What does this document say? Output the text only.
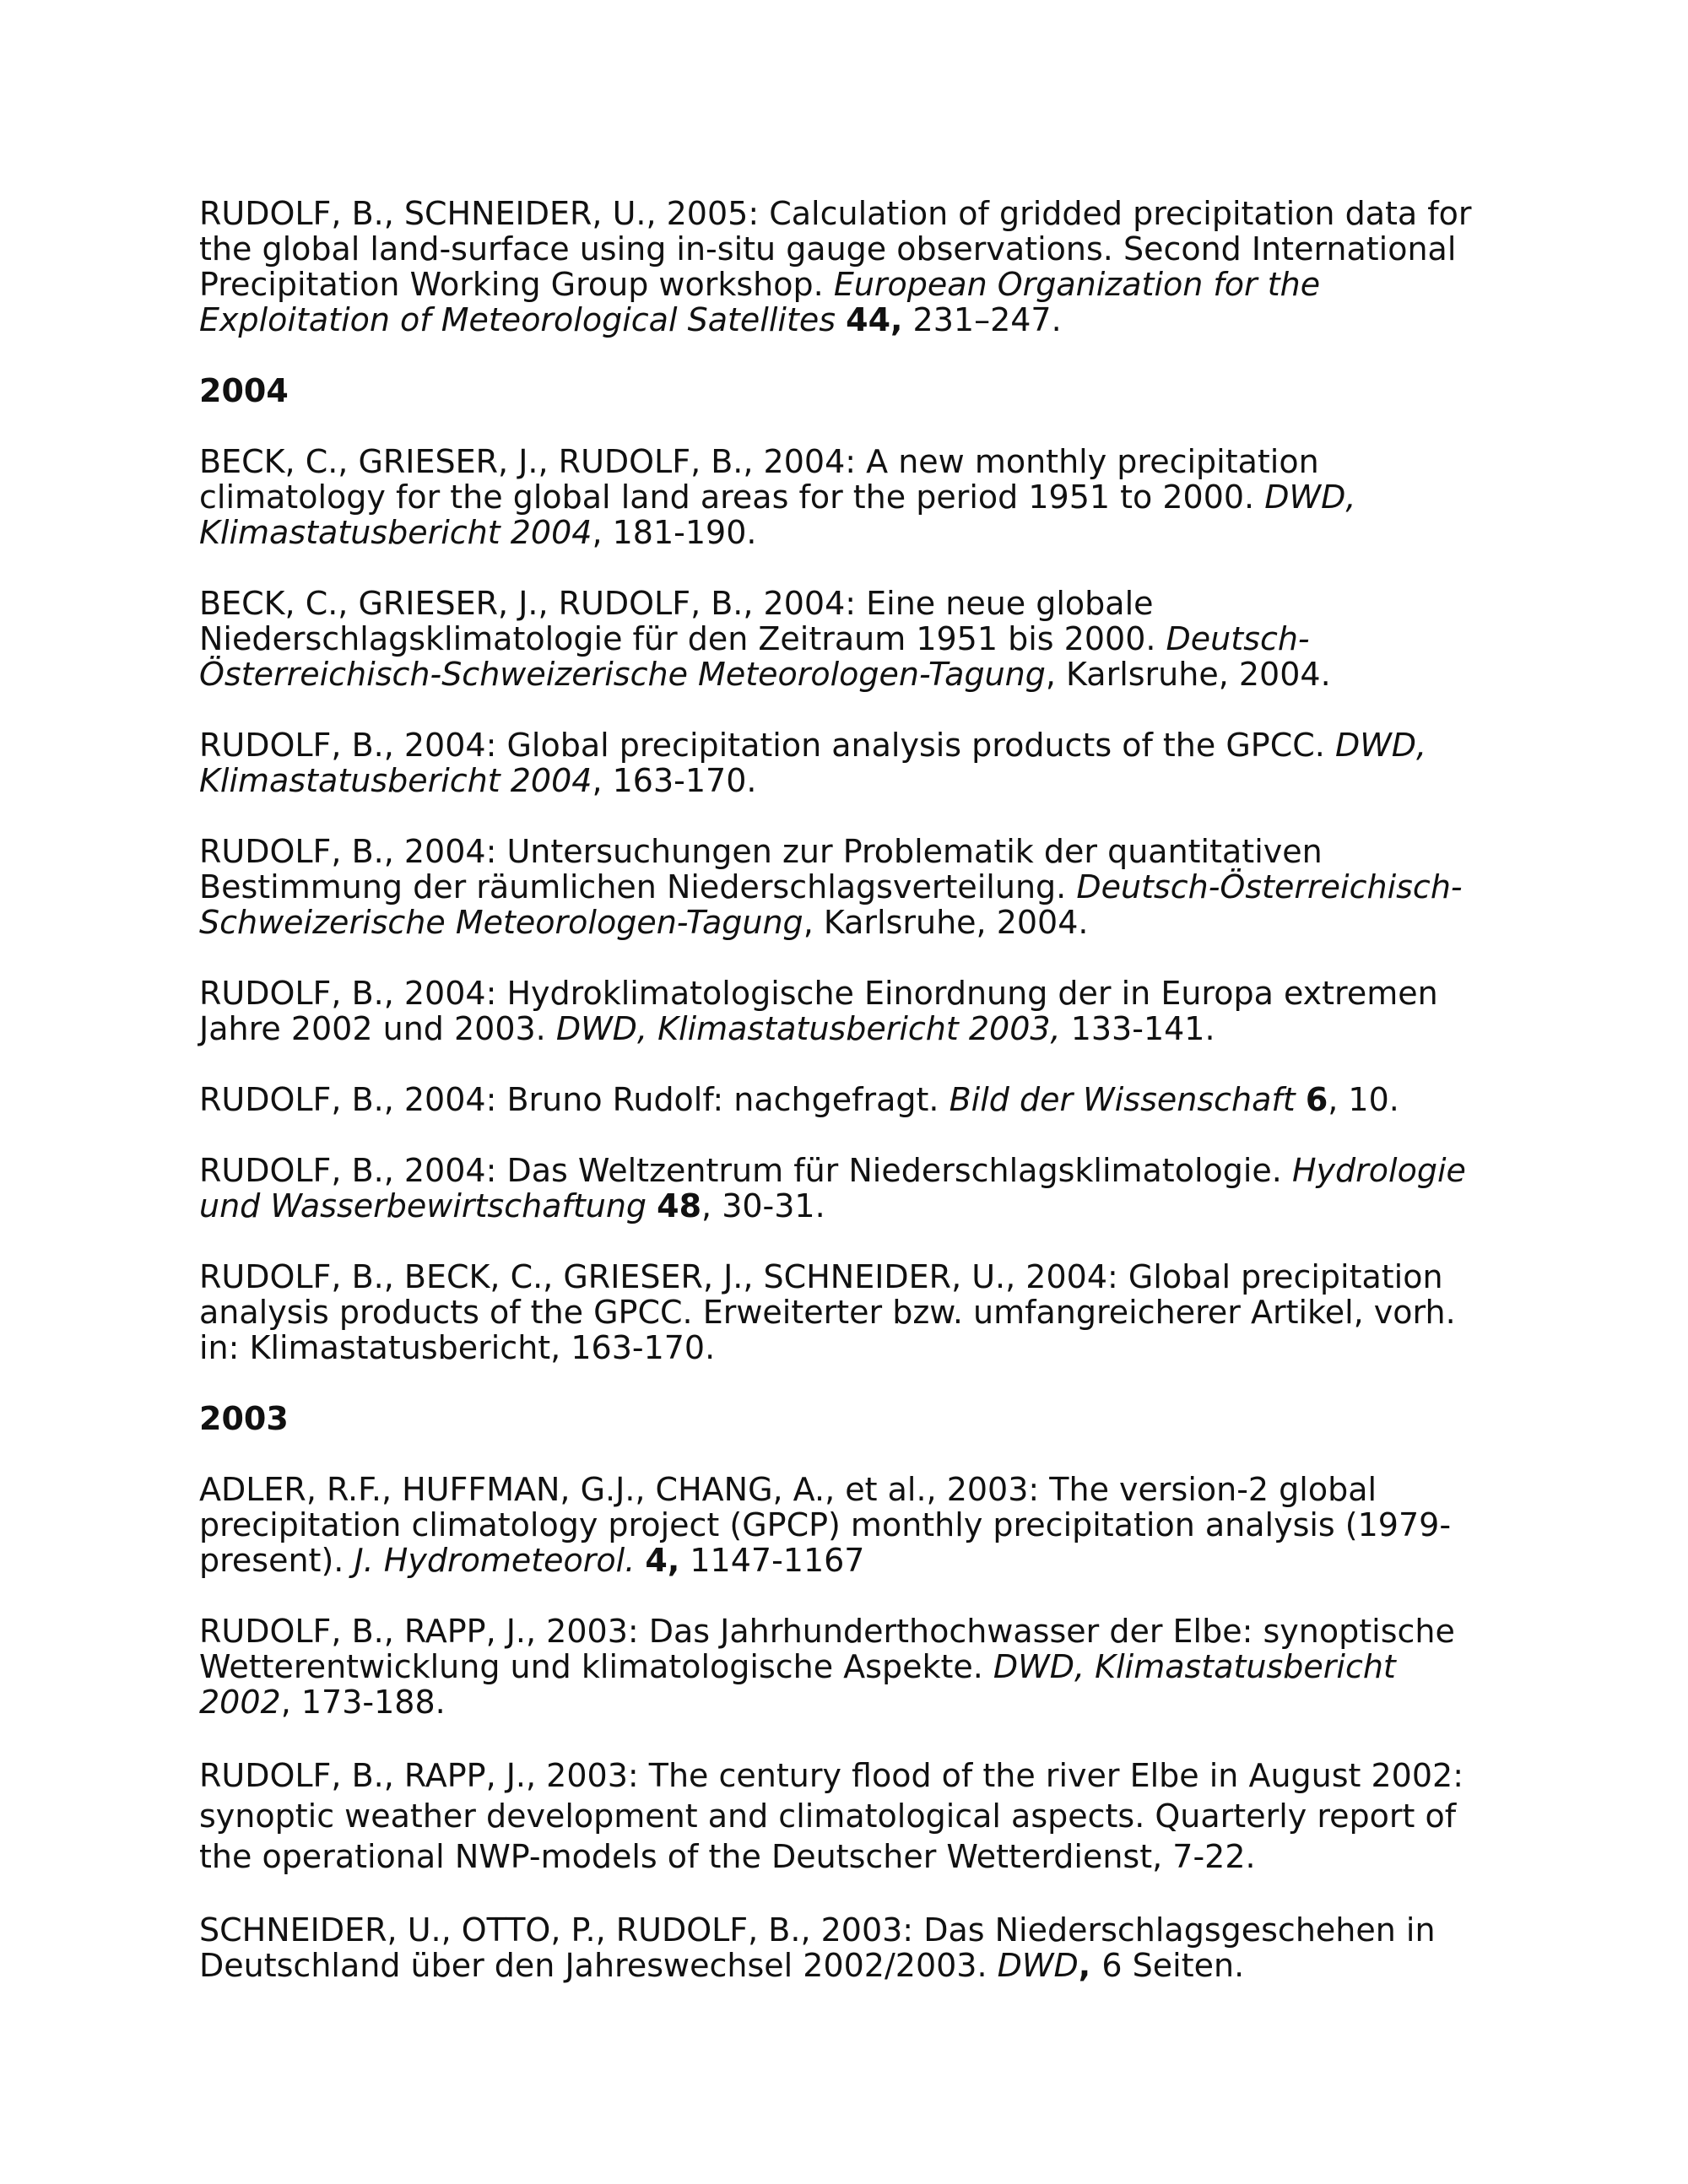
RUDOLF, B., SCHNEIDER, U., 2005: Calculation of gridded precipitation data for the global land-surface using in-situ gauge observations. Second International Precipitation Working Group workshop. European Organization for the Exploitation of Meteorological Satellites 44, 231–247.

2004

BECK, C., GRIESER, J., RUDOLF, B., 2004: A new monthly precipitation climatology for the global land areas for the period 1951 to 2000. DWD, Klimastatusbericht 2004, 181-190.

BECK, C., GRIESER, J., RUDOLF, B., 2004: Eine neue globale Niederschlagsklimatologie für den Zeitraum 1951 bis 2000. Deutsch-Österreichisch-Schweizerische Meteorologen-Tagung, Karlsruhe, 2004.

RUDOLF, B., 2004: Global precipitation analysis products of the GPCC. DWD, Klimastatusbericht 2004, 163-170.

RUDOLF, B., 2004: Untersuchungen zur Problematik der quantitativen Bestimmung der räumlichen Niederschlagsverteilung. Deutsch-Österreichisch-Schweizerische Meteorologen-Tagung, Karlsruhe, 2004.

RUDOLF, B., 2004: Hydroklimatologische Einordnung der in Europa extremen Jahre 2002 und 2003. DWD, Klimastatusbericht 2003, 133-141.

RUDOLF, B., 2004: Bruno Rudolf: nachgefragt. Bild der Wissenschaft 6, 10.

RUDOLF, B., 2004: Das Weltzentrum für Niederschlagsklimatologie. Hydrologie und Wasserbewirtschaftung 48, 30-31.

RUDOLF, B., BECK, C., GRIESER, J., SCHNEIDER, U., 2004: Global precipitation analysis products of the GPCC. Erweiterter bzw. umfangreicherer Artikel, vorh. in: Klimastatusbericht, 163-170.

2003

ADLER, R.F., HUFFMAN, G.J., CHANG, A., et al., 2003: The version-2 global precipitation climatology project (GPCP) monthly precipitation analysis (1979-present). J. Hydrometeorol. 4, 1147-1167

RUDOLF, B., RAPP, J., 2003: Das Jahrhunderthochwasser der Elbe: synoptische Wetterentwicklung und klimatologische Aspekte. DWD, Klimastatusbericht 2002, 173-188.

RUDOLF, B., RAPP, J., 2003: The century flood of the river Elbe in August 2002: synoptic weather development and climatological aspects. Quarterly report of the operational NWP-models of the Deutscher Wetterdienst, 7-22.

SCHNEIDER, U., OTTO, P., RUDOLF, B., 2003: Das Niederschlagsgeschehen in Deutschland über den Jahreswechsel 2002/2003. DWD, 6 Seiten.
